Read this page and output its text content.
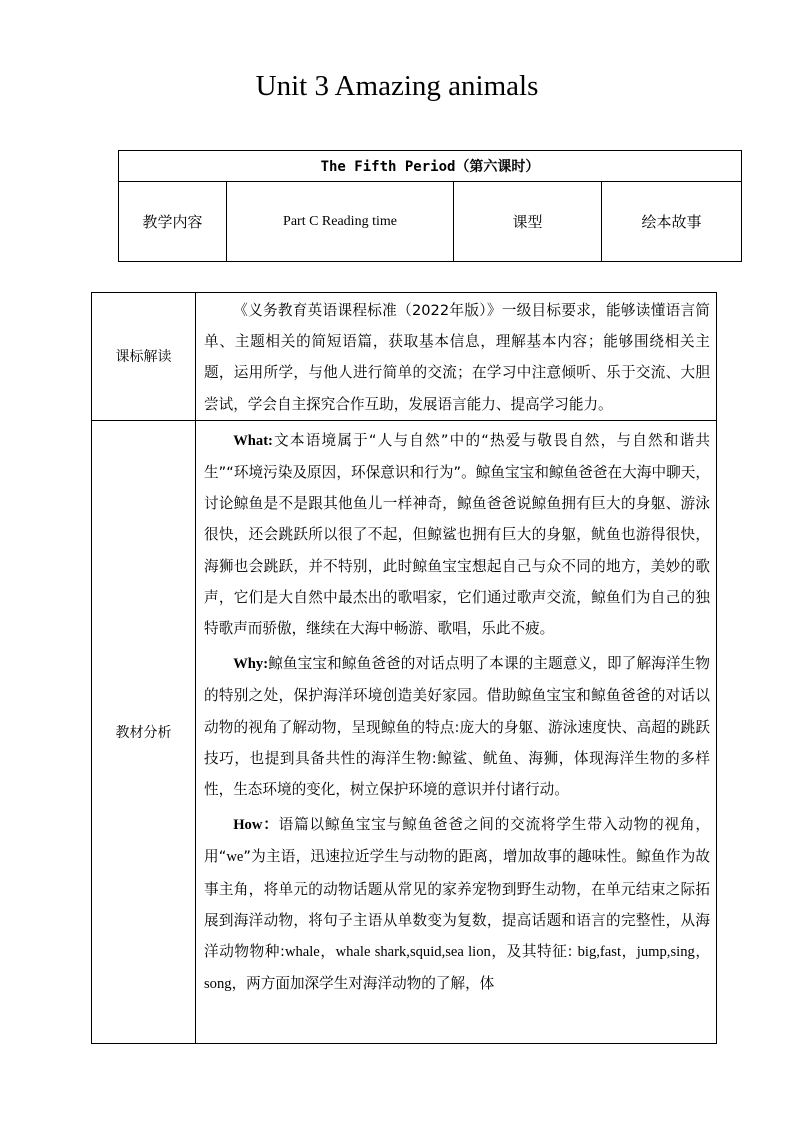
Unit 3 Amazing animals
The Fifth Period（第六课时）
教学内容	Part C Reading time	课型	绘本故事
课标解读	《义务教育英语课程标准（2022年版）》一级目标要求，能够读懂语言简单、主题相关的简短语篇，获取基本信息，理解基本内容；能够围绕相关主题，运用所学，与他人进行简单的交流；在学习中注意倾听、乐于交流、大胆尝试，学会自主探究合作互助，发展语言能力、提高学习能力。

教材分析	What:文本语境属于“人与自然”中的“热爱与敬畏自然，与自然和谐共生”“环境污染及原因，环保意识和行为”。鲸鱼宝宝和鲸鱼爸爸在大海中聊天，讨论鲸鱼是不是跟其他鱼儿一样神奇，鲸鱼爸爸说鲸鱼拥有巨大的身躯、游泳很快，还会跳跃所以很了不起，但鲸鲨也拥有巨大的身躯，鱿鱼也游得很快，海狮也会跳跃，并不特别，此时鲸鱼宝宝想起自己与众不同的地方，美妙的歌声，它们是大自然中最杰出的歌唱家，它们通过歌声交流，鲸鱼们为自己的独特歌声而骄傲，继续在大海中畅游、歌唱，乐此不疲。

Why:鲸鱼宝宝和鲸鱼爸爸的对话点明了本课的主题意义，即了解海洋生物的特别之处，保护海洋环境创造美好家园。借助鲸鱼宝宝和鲸鱼爸爸的对话以动物的视角了解动物，呈现鲸鱼的特点:庞大的身躯、游泳速度快、高超的跳跃技巧，也提到具备共性的海洋生物:鲸鲨、鱿鱼、海狮，体现海洋生物的多样性，生态环境的变化，树立保护环境的意识并付诸行动。

How：语篇以鲸鱼宝宝与鲸鱼爸爸之间的交流将学生带入动物的视角，用“we”为主语，迅速拉近学生与动物的距离，增加故事的趣味性。鲸鱼作为故事主角，将单元的动物话题从常见的家养宠物到野生动物，在单元结束之际拓展到海洋动物，将句子主语从单数变为复数，提高话题和语言的完整性，从海洋动物物种:whale，whale shark,squid,sea lion，及其特征: big,fast，jump,sing，song，两方面加深学生对海洋动物的了解，体
